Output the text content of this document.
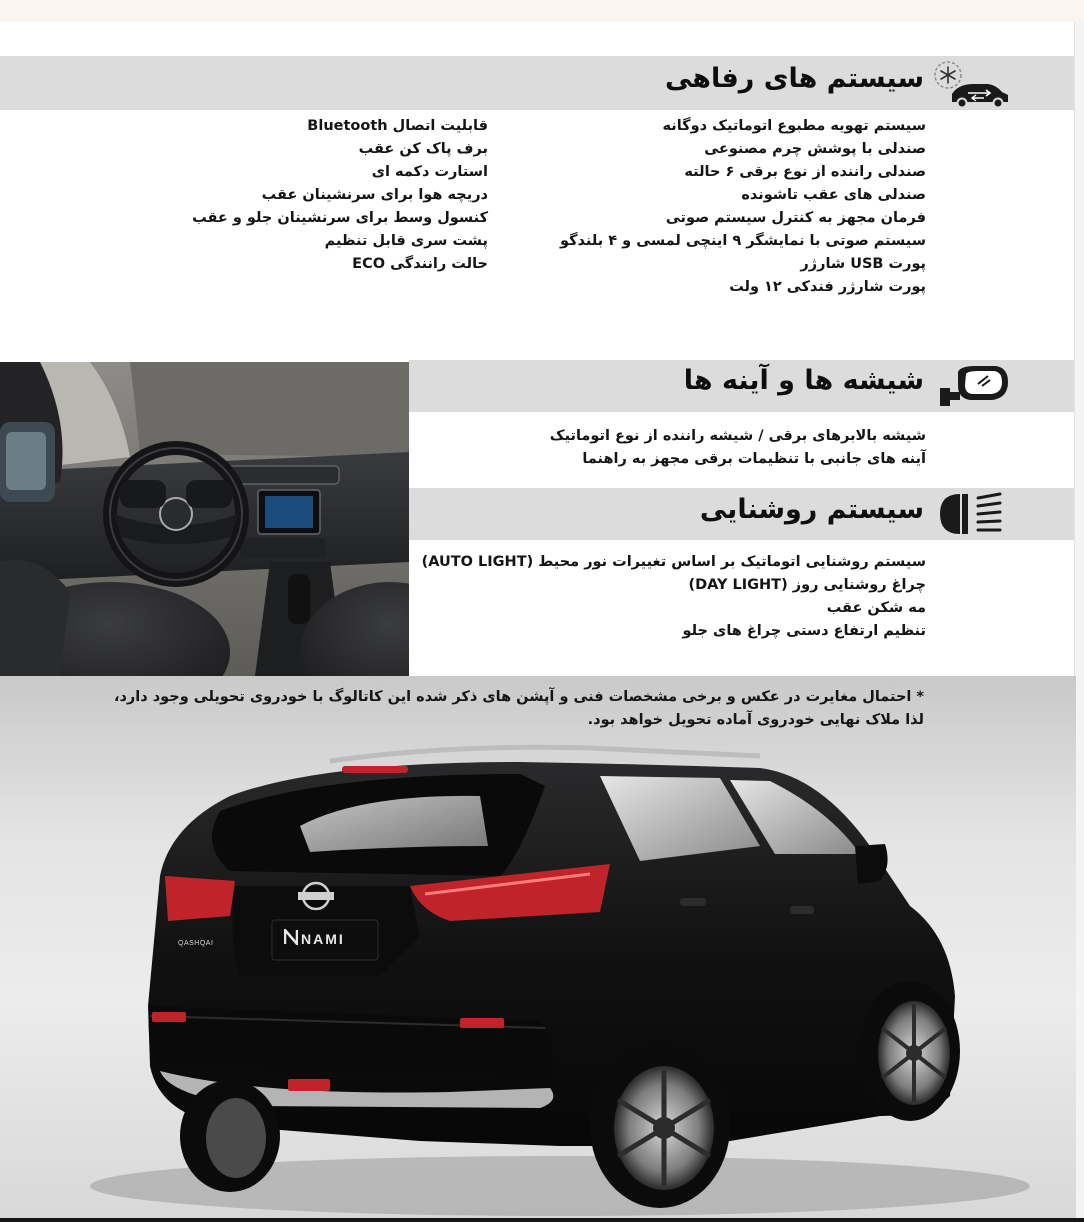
سیستم های رفاهی
سیستم تهویه مطبوع اتوماتیک دوگانه
صندلی با پوشش چرم مصنوعی
صندلی راننده از نوع برقی ۶ حالته
صندلی های عقب تاشونده
فرمان مجهز به کنترل سیستم صوتی
سیستم صوتی با نمایشگر ۹ اینچی لمسی و ۴ بلندگو
پورت USB شارژر
پورت شارژر فندکی ۱۲ ولت
قابلیت اتصال Bluetooth
برف پاک کن عقب
استارت دکمه ای
دریچه هوا برای سرنشینان عقب
کنسول وسط برای سرنشینان جلو و عقب
پشت سری قابل تنظیم
حالت رانندگی ECO
شیشه ها و آینه ها
شیشه بالابرهای برقی / شیشه راننده از نوع اتوماتیک
آینه های جانبی با تنظیمات برقی مجهز به راهنما
سیستم روشنایی
سیستم روشنایی اتوماتیک بر اساس تغییرات نور محیط (AUTO LIGHT)
چراغ روشنایی روز (DAY LIGHT)
مه شکن عقب
تنظیم ارتفاع دستی چراغ های جلو
* احتمال مغایرت در عکس و برخی مشخصات فنی و آپشن های ذکر شده این کاتالوگ با خودروی تحویلی وجود دارد،
لذا ملاک نهایی خودروی آماده تحویل خواهد بود.
QASHQAI	NAMI
